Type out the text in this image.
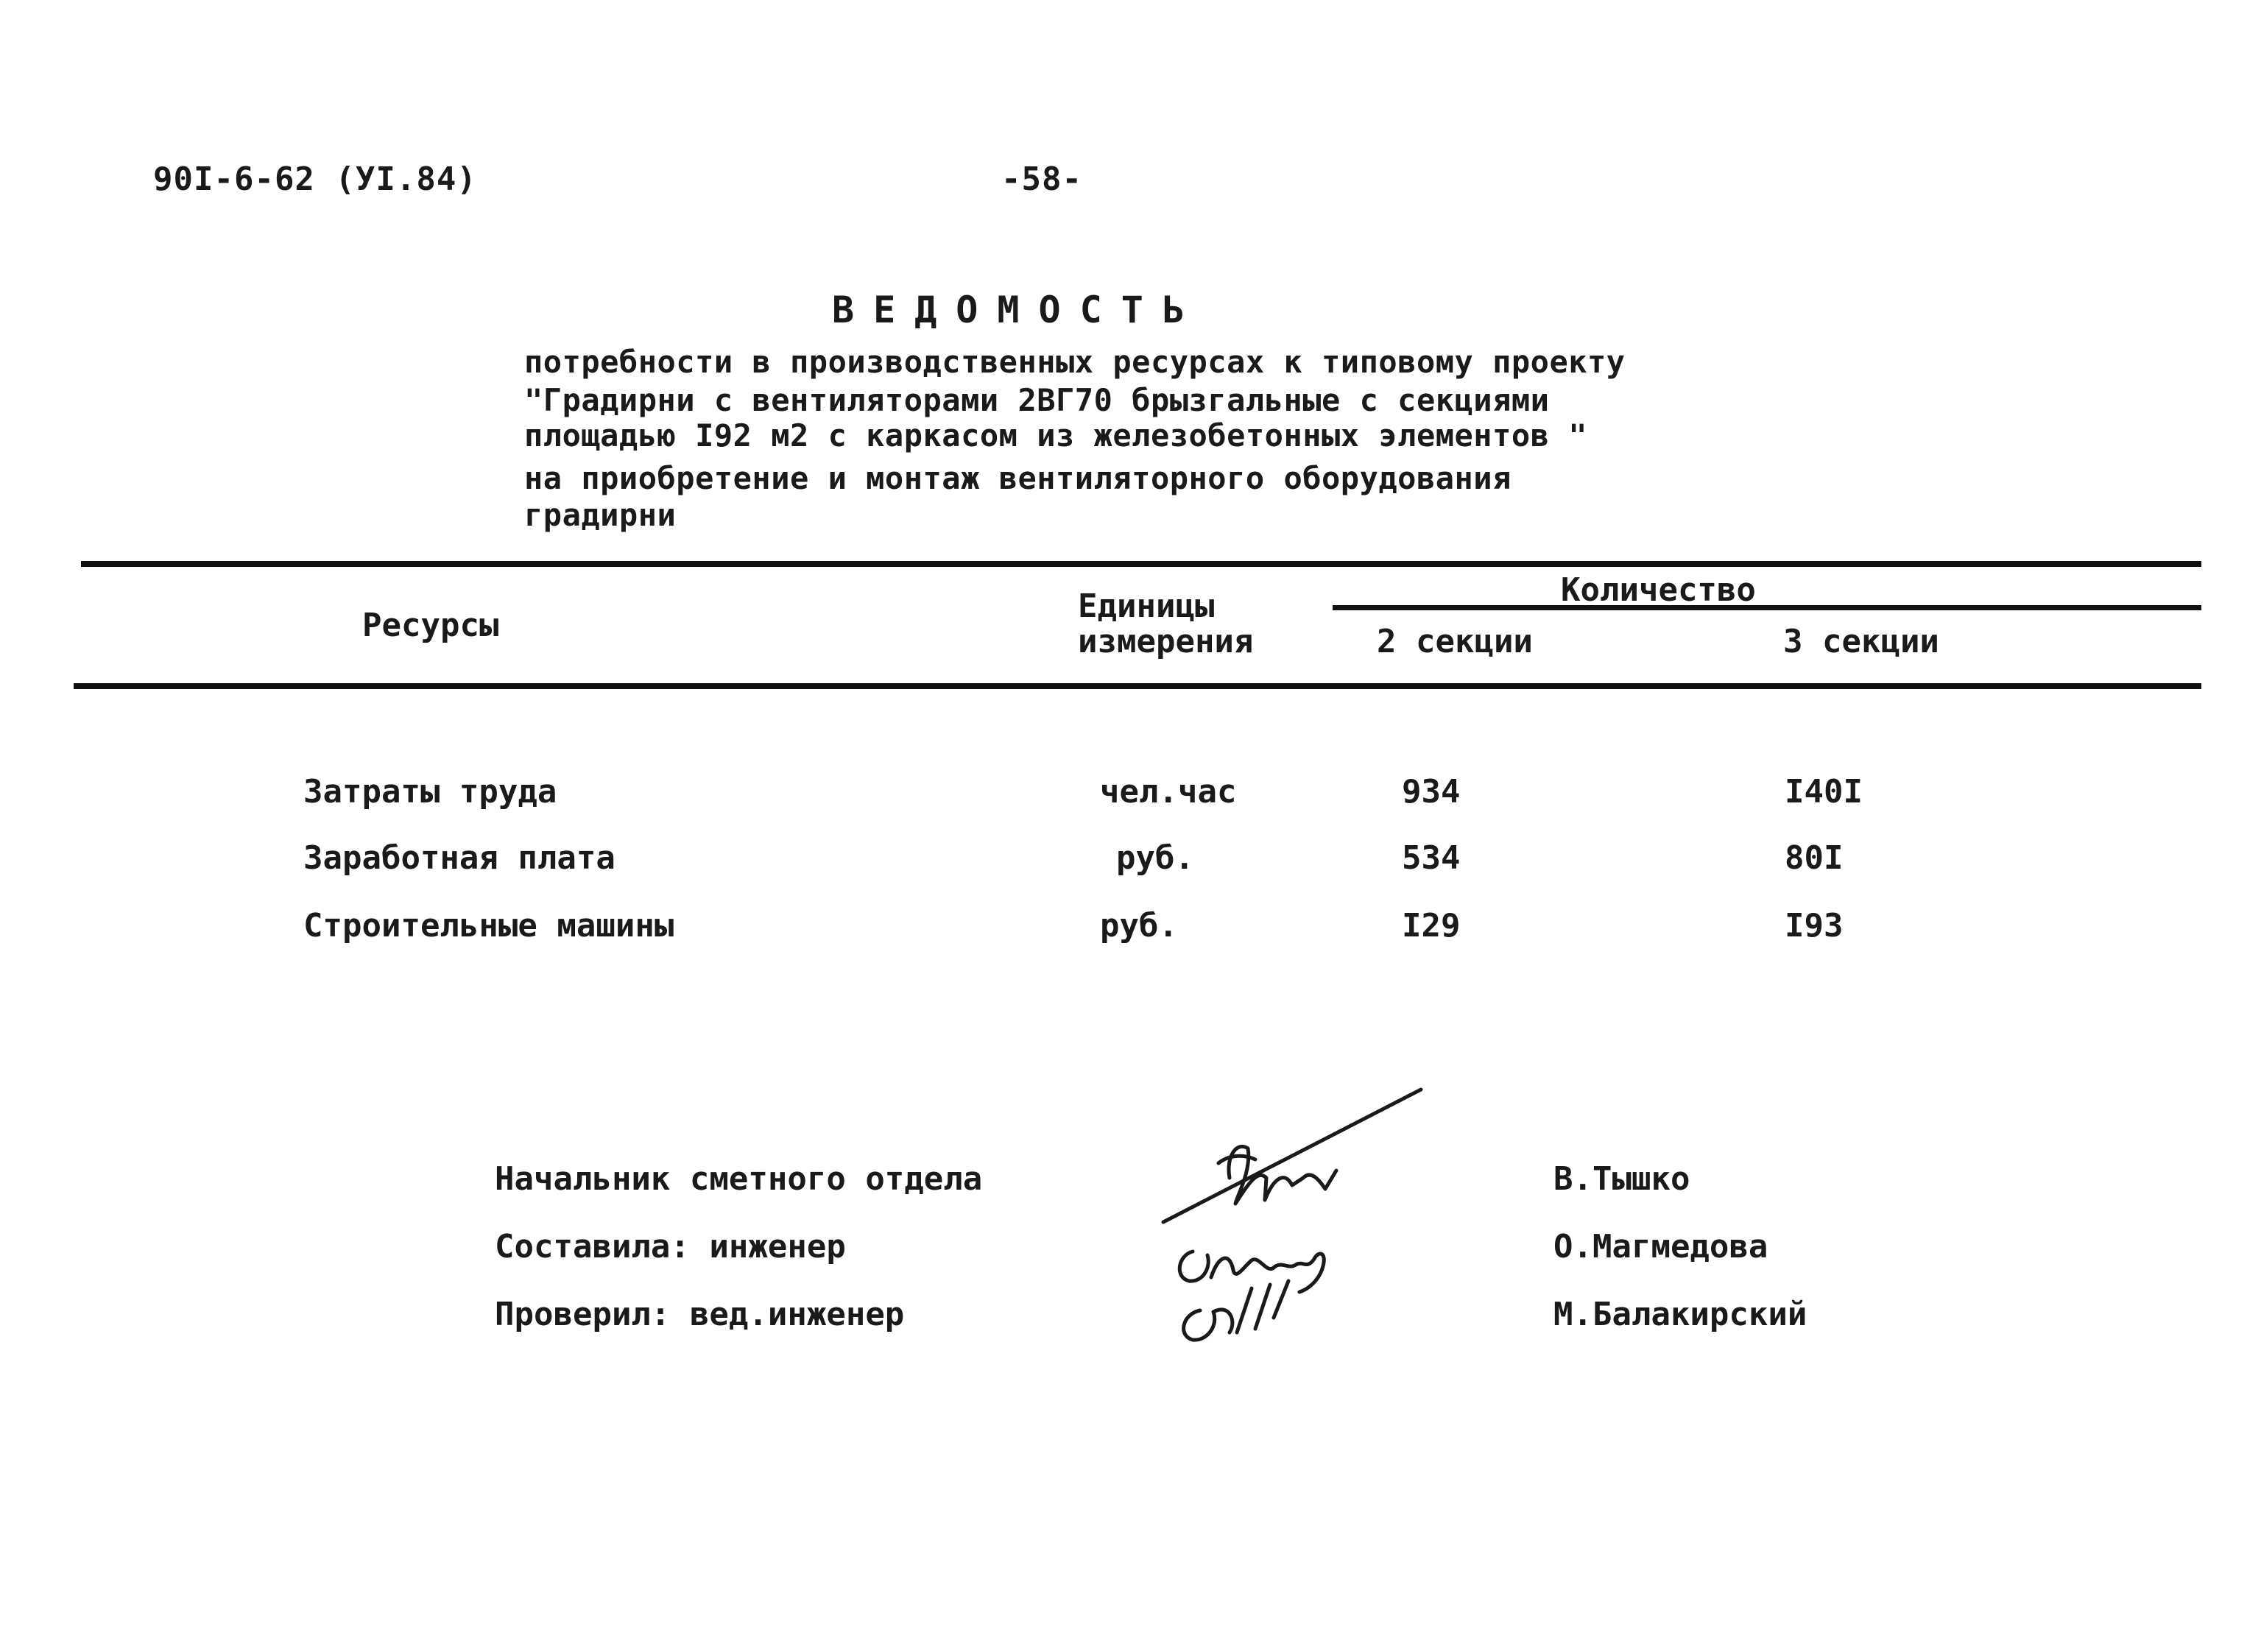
90I-6-62 (УI.84)	-58-
ВЕДОМОСТЬ
потребности в производственных ресурсах к типовому проекту
"Градирни с вентиляторами 2ВГ70 брызгальные с секциями
площадью I92 м2 с каркасом из железобетонных элементов "
на приобретение и монтаж вентиляторного оборудования
градирни
Ресурсы
Единицы измерения
Количество
2 секции	3 секции
Затраты труда	чел.час	934	I40I
Заработная плата	руб.	534	80I
Строительные машины	руб.	I29	I93
Начальник сметного отдела
Составила: инженер
Проверил: вед.инженер
В.Тышко
О.Магмедова
М.Балакирский
